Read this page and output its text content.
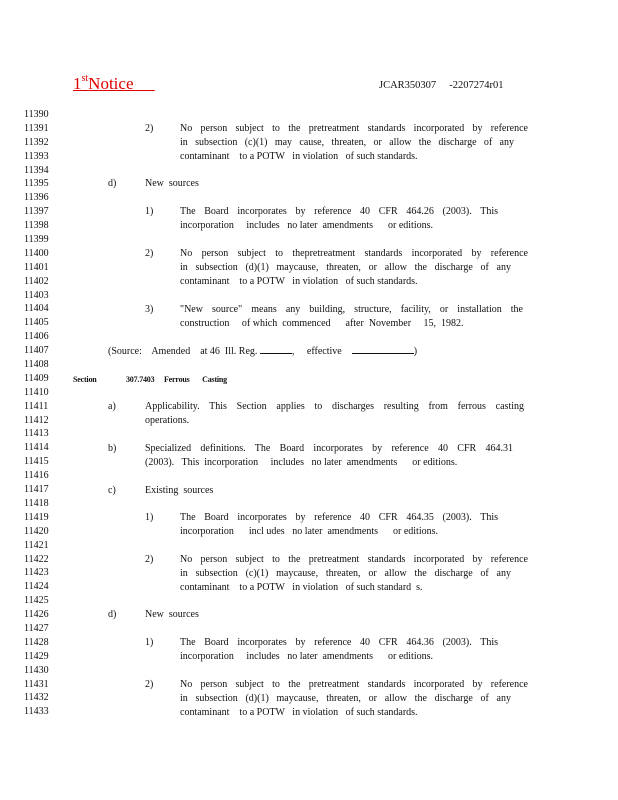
1stNotice	JCAR350307     -2207274r01
11390
11391
11392
11393
11394
11395
11396
11397
11398
11399
11400
11401
11402
11403
11404
11405
11406
11407
11408
11409
11410
11411
11412
11413
11414
11415
11416
11417
11418
11419
11420
11421
11422
11423
11424
11425
11426
11427
11428
11429
11430
11431
11432
11433
2)	No person subject to the pretreatment standards incorporated by reference
in subsection (c)(1) may cause, threaten, or allow the discharge of any
contaminant    to a POTW   in violation   of such standards.
d)	New  sources
1)	The Board incorporates by reference 40 CFR 464.26 (2003). This
incorporation     includes   no later  amendments      or editions.
2)	No person subject to thepretreatment standards incorporated by reference
in subsection (d)(1) maycause, threaten, or allow the discharge of any
contaminant    to a POTW   in violation   of such standards.
3)	"New source" means any building, structure, facility, or installation the
construction     of which  commenced      after  November     15,  1982.
(Source:    Amended    at 46  Ill. Reg.	,     effective	)
Section	307.7403 Ferrous       Casting
a)	Applicability. This Section applies to discharges resulting from ferrous casting
operations.
b)	Specialized definitions. The Board incorporates by reference 40 CFR 464.31
(2003).   This  incorporation     includes   no later  amendments      or editions.
c)	Existing  sources
1)	The Board incorporates by reference 40 CFR 464.35 (2003). This
incorporation      incl udes   no later  amendments      or editions.
2)	No person subject to the pretreatment standards incorporated by reference
in subsection (c)(1) maycause, threaten, or allow the discharge of any
contaminant    to a POTW   in violation   of such standard  s.
d)	New  sources
1)	The Board incorporates by reference 40 CFR 464.36 (2003). This
incorporation     includes   no later  amendments      or editions.
2)	No person subject to the pretreatment standards incorporated by reference
in subsection (d)(1) maycause, threaten, or allow the discharge of any
contaminant    to a POTW   in violation   of such standards.
